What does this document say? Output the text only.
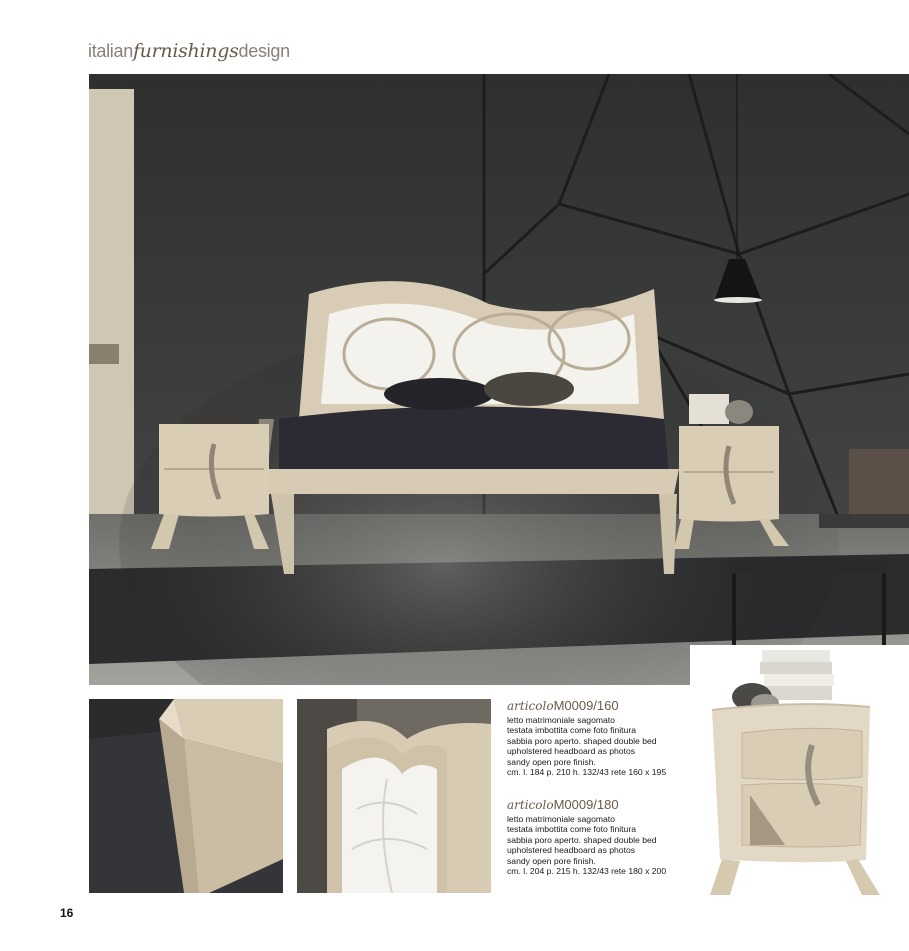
italianfurnishingsdesign
articoloM0009/160
letto matrimoniale sagomato
testata imbottita come foto finitura
sabbia poro aperto. shaped double bed
upholstered headboard as photos
sandy open pore finish.
cm. l. 184 p. 210 h. 132/43 rete 160 x 195
articoloM0009/180
letto matrimoniale sagomato
testata imbottita come foto finitura
sabbia poro aperto. shaped double bed
upholstered headboard as photos
sandy open pore finish.
cm. l. 204 p. 215 h. 132/43 rete 180 x 200
16
